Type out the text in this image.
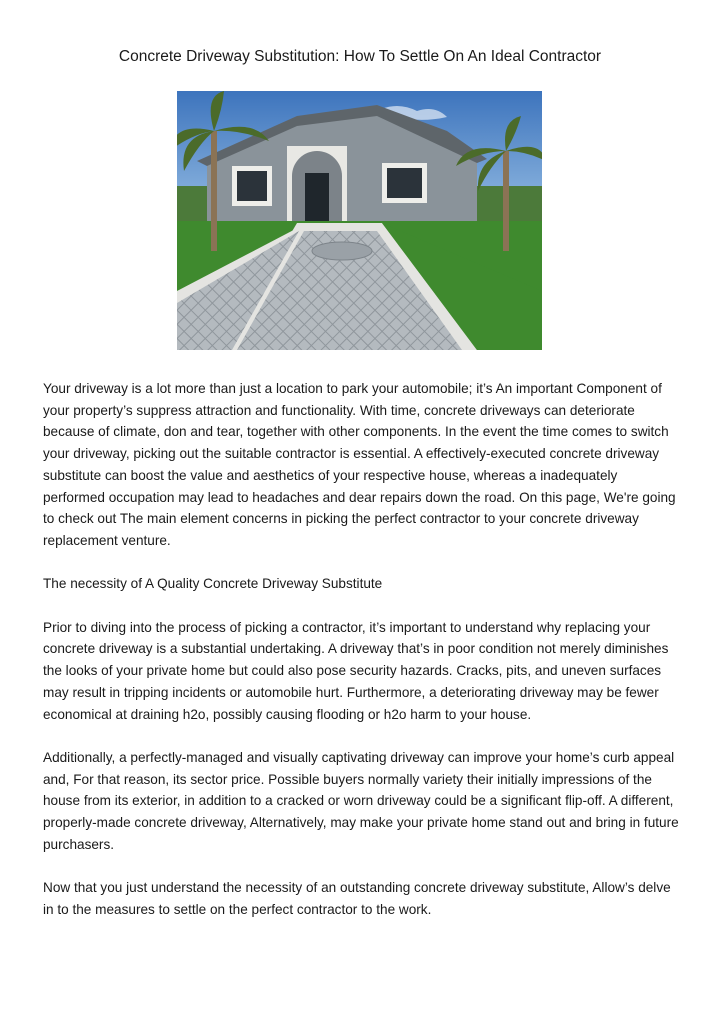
Concrete Driveway Substitution: How To Settle On An Ideal Contractor

Your driveway is a lot more than just a location to park your automobile; it’s An important Component of your property’s suppress attraction and functionality. With time, concrete driveways can deteriorate because of climate, don and tear, together with other components. In the event the time comes to switch your driveway, picking out the suitable contractor is essential. A effectively-executed concrete driveway substitute can boost the value and aesthetics of your respective house, whereas a inadequately performed occupation may lead to headaches and dear repairs down the road. On this page, We're going to check out The main element concerns in picking the perfect contractor to your concrete driveway replacement venture.

The necessity of A Quality Concrete Driveway Substitute

Prior to diving into the process of picking a contractor, it’s important to understand why replacing your concrete driveway is a substantial undertaking. A driveway that’s in poor condition not merely diminishes the looks of your private home but could also pose security hazards. Cracks, pits, and uneven surfaces may result in tripping incidents or automobile hurt. Furthermore, a deteriorating driveway may be fewer economical at draining h2o, possibly causing flooding or h2o harm to your house.

Additionally, a perfectly-managed and visually captivating driveway can improve your home’s curb appeal and, For that reason, its sector price. Possible buyers normally variety their initially impressions of the house from its exterior, in addition to a cracked or worn driveway could be a significant flip-off. A different, properly-made concrete driveway, Alternatively, may make your private home stand out and bring in future purchasers.

Now that you just understand the necessity of an outstanding concrete driveway substitute, Allow’s delve in to the measures to settle on the perfect contractor to the work.
